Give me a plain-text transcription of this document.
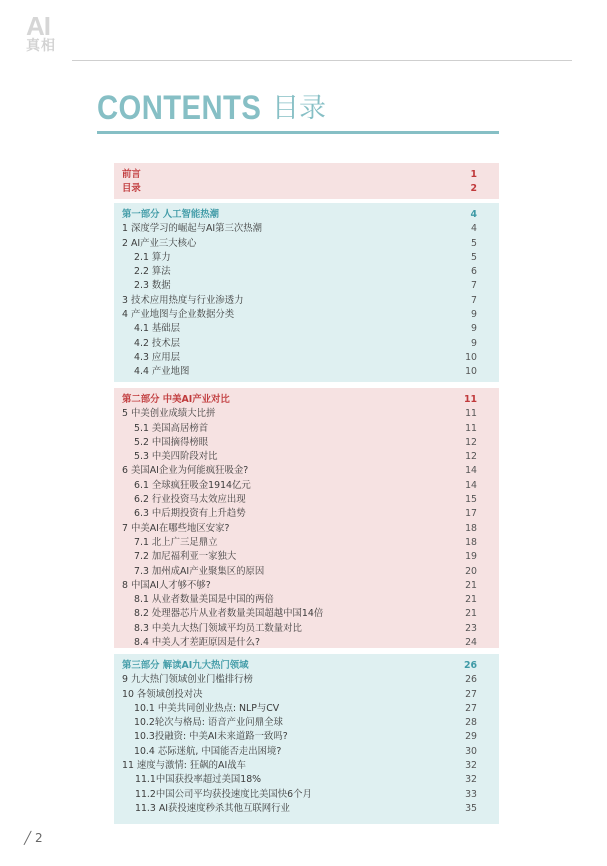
AI
真相
CONTENTS 目录
前言	1
目录	2
第一部分 人工智能热潮	4
1 深度学习的崛起与AI第三次热潮	4
2 AI产业三大核心	5
2.1 算力	5
2.2 算法	6
2.3 数据	7
3 技术应用热度与行业渗透力	7
4 产业地图与企业数据分类	9
4.1 基础层	9
4.2 技术层	9
4.3 应用层	10
4.4 产业地图	10
第二部分 中美AI产业对比	11
5 中美创业成绩大比拼	11
5.1 美国高居榜首	11
5.2 中国摘得榜眼	12
5.3 中美四阶段对比	12
6 美国AI企业为何能疯狂吸金?	14
6.1 全球疯狂吸金1914亿元	14
6.2 行业投资马太效应出现	15
6.3 中后期投资有上升趋势	17
7 中美AI在哪些地区安家?	18
7.1 北上广三足鼎立	18
7.2 加尼福利亚一家独大	19
7.3 加州成AI产业聚集区的原因	20
8 中国AI人才够不够?	21
8.1 从业者数量美国是中国的两倍	21
8.2 处理器芯片从业者数量美国超越中国14倍	21
8.3 中美九大热门领域平均员工数量对比	23
8.4 中美人才差距原因是什么?	24
第三部分 解读AI九大热门领域	26
9 九大热门领域创业门槛排行榜	26
10 各领域创投对决	27
10.1 中美共同创业热点: NLP与CV	27
10.2轮次与格局: 语音产业问鼎全球	28
10.3投融资: 中美AI未来道路一致吗?	29
10.4 芯际迷航, 中国能否走出困境?	30
11 速度与激情: 狂飙的AI战车	32
11.1中国获投率超过美国18%	32
11.2中国公司平均获投速度比美国快6个月	33
11.3 AI获投速度秒杀其他互联网行业	35
╱ 2
